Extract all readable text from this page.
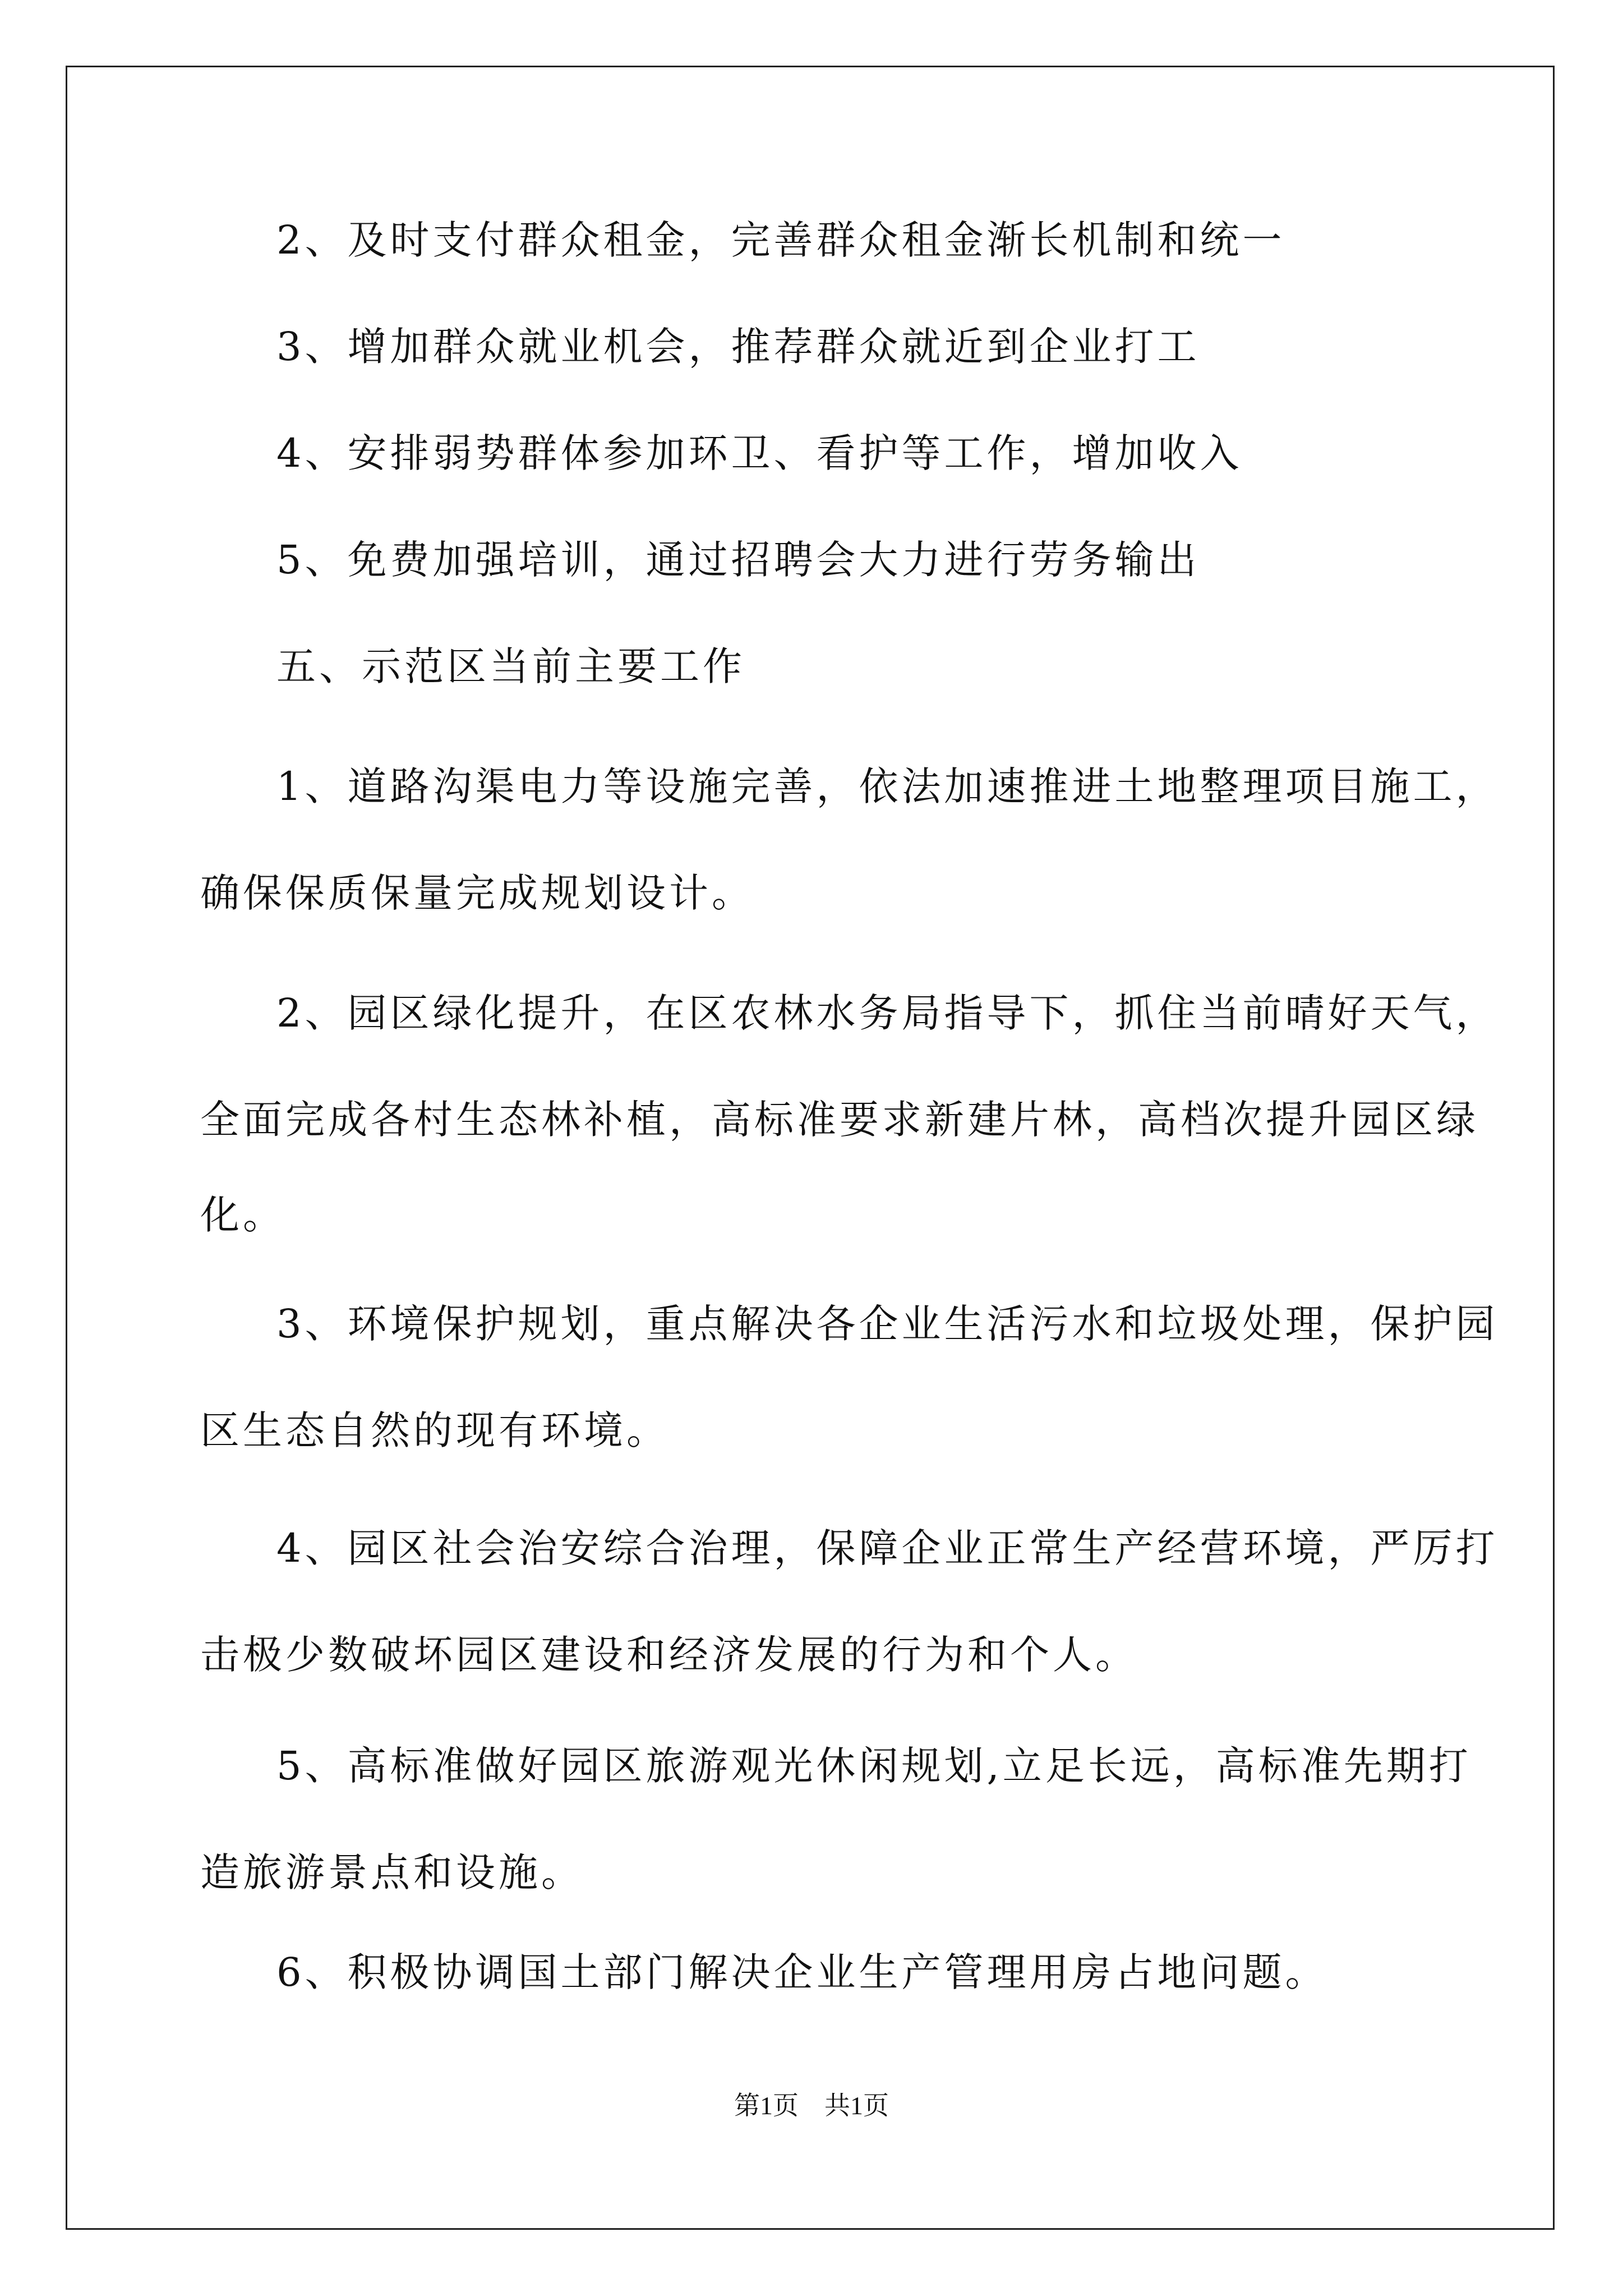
2、及时支付群众租金，完善群众租金渐长机制和统一
3、增加群众就业机会，推荐群众就近到企业打工
4、安排弱势群体参加环卫、看护等工作，增加收入
5、免费加强培训，通过招聘会大力进行劳务输出
五、示范区当前主要工作
1、道路沟渠电力等设施完善，依法加速推进土地整理项目施工，
确保保质保量完成规划设计。
2、园区绿化提升，在区农林水务局指导下，抓住当前晴好天气，
全面完成各村生态林补植，高标准要求新建片林，高档次提升园区绿
化。
3、环境保护规划，重点解决各企业生活污水和垃圾处理，保护园
区生态自然的现有环境。
4、园区社会治安综合治理，保障企业正常生产经营环境，严厉打
击极少数破坏园区建设和经济发展的行为和个人。
5、高标准做好园区旅游观光休闲规划,立足长远，高标准先期打
造旅游景点和设施。
6、积极协调国土部门解决企业生产管理用房占地问题。
第1页　共1页
